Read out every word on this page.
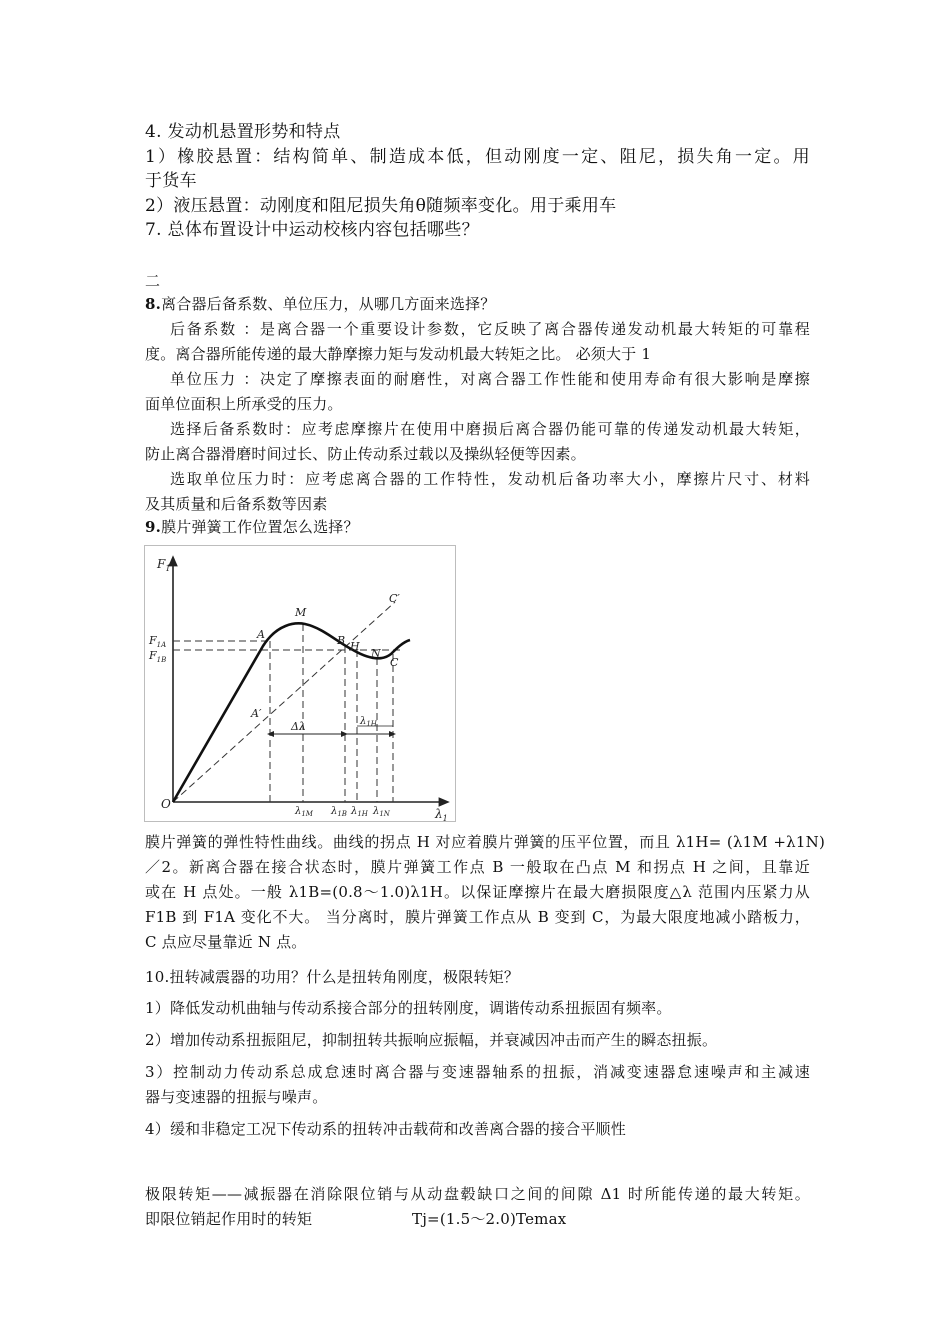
4. 发动机悬置形势和特点
1）橡胶悬置：结构简单、制造成本低，但动刚度一定、阻尼，损失角一定。用
于货车
2）液压悬置：动刚度和阻尼损失角θ随频率变化。用于乘用车
7. 总体布置设计中运动校核内容包括哪些？
二
8.离合器后备系数、单位压力，从哪几方面来选择？
后备系数 ：是离合器一个重要设计参数，它反映了离合器传递发动机最大转矩的可靠程
度。离合器所能传递的最大静摩擦力矩与发动机最大转矩之比。 必须大于 1
单位压力 ：决定了摩擦表面的耐磨性，对离合器工作性能和使用寿命有很大影响是摩擦
面单位面积上所承受的压力。
选择后备系数时：应考虑摩擦片在使用中磨损后离合器仍能可靠的传递发动机最大转矩，
防止离合器滑磨时间过长、防止传动系过载以及操纵轻便等因素。
选取单位压力时：应考虑离合器的工作特性，发动机后备功率大小，摩擦片尺寸、材料
及其质量和后备系数等因素
9.膜片弹簧工作位置怎么选择？
$F_1$
$\lambda_1$
O
$F_{1A}$
$F_{1B}$
A
M
B H
N
C
C′
A′
Δλ	$\lambda_{1H}$
$\lambda_{1M}$ $\lambda_{1B}$ $\lambda_{1H}$ $\lambda_{1N}$
膜片弹簧的弹性特性曲线。曲线的拐点 H 对应着膜片弹簧的压平位置，而且 λ1H= (λ1M +λ1N)
／2。新离合器在接合状态时，膜片弹簧工作点 B 一般取在凸点 M 和拐点 H 之间，且靠近
或在 H 点处。一般 λ1B=(0.8～1.0)λ1H。以保证摩擦片在最大磨损限度△λ 范围内压紧力从
F1B 到 F1A 变化不大。 当分离时，膜片弹簧工作点从 B 变到 C，为最大限度地减小踏板力，
C 点应尽量靠近 N 点。
10.扭转减震器的功用？什么是扭转角刚度，极限转矩？
1）降低发动机曲轴与传动系接合部分的扭转刚度，调谐传动系扭振固有频率。
2）增加传动系扭振阻尼，抑制扭转共振响应振幅，并衰减因冲击而产生的瞬态扭振。
3）控制动力传动系总成怠速时离合器与变速器轴系的扭振，消减变速器怠速噪声和主减速
器与变速器的扭振与噪声。
4）缓和非稳定工况下传动系的扭转冲击载荷和改善离合器的接合平顺性
极限转矩——减振器在消除限位销与从动盘毂缺口之间的间隙 Δ1 时所能传递的最大转矩。
即限位销起作用时的转矩	Tj=(1.5～2.0)Temax
